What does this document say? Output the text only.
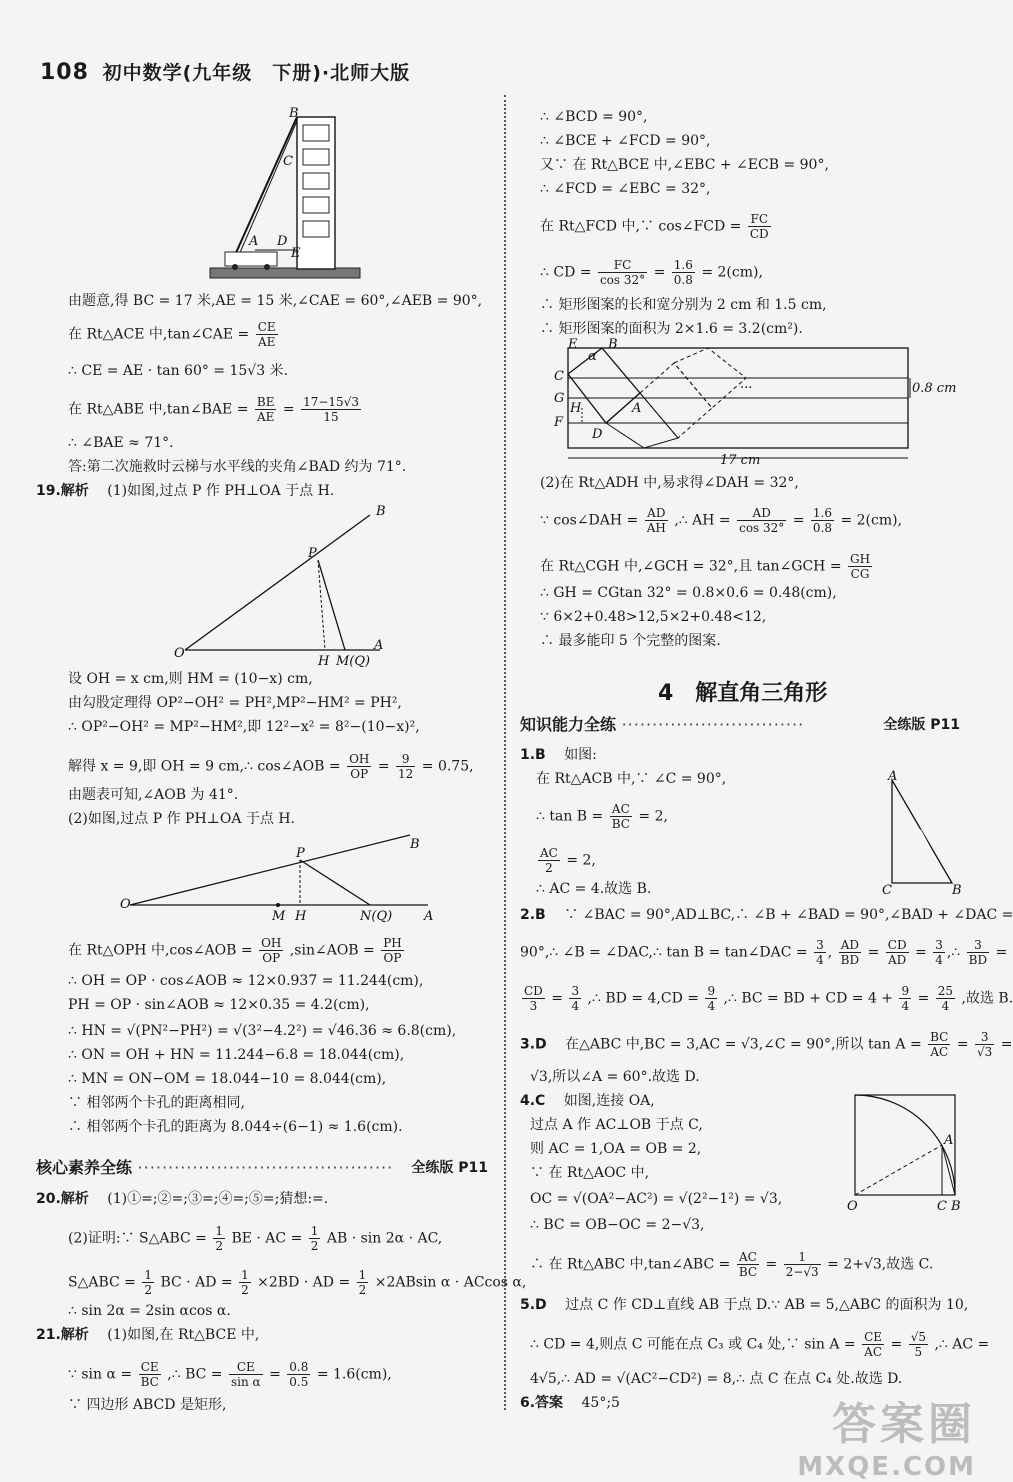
108 初中数学(九年级　下册)·北师大版
B
C
A D
E
由题意,得 BC = 17 米,AE = 15 米,∠CAE = 60°,∠AEB = 90°,
在 Rt△ACE 中,tan∠CAE = $\frac{CE}{AE}$
∴ CE = AE · tan 60° = 15√3 米.
在 Rt△ABE 中,tan∠BAE = $\frac{BE}{AE} = \frac{17-15√3}{15}$
∴ ∠BAE ≈ 71°.
答:第二次施救时云梯与水平线的夹角∠BAD 约为 71°.
19.解析　 (1)如图,过点 P 作 PH⊥OA 于点 H.
B
P
O
H M(Q)
A
设 OH = x cm,则 HM = (10−x) cm,
由勾股定理得 OP²−OH² = PH²,MP²−HM² = PH²,
∴ OP²−OH² = MP²−HM²,即 12²−x² = 8²−(10−x)²,
解得 x = 9,即 OH = 9 cm,∴ cos∠AOB = $\frac{OH}{OP} = \frac{9}{12} = 0.75$,
由题表可知,∠AOB 为 41°.
(2)如图,过点 P 作 PH⊥OA 于点 H.
B
P
O
M H	N(Q) A
在 Rt△OPH 中,cos∠AOB = $\frac{OH}{OP}$ ,sin∠AOB = $\frac{PH}{OP}$
∴ OH = OP · cos∠AOB ≈ 12×0.937 = 11.244(cm),
PH = OP · sin∠AOB ≈ 12×0.35 = 4.2(cm),
∴ HN = √(PN²−PH²) = √(3²−4.2²) = √46.36 ≈ 6.8(cm),
∴ ON = OH + HN = 11.244−6.8 = 18.044(cm),
∴ MN = ON−OM = 18.044−10 = 8.044(cm),
∵ 相邻两个卡孔的距离相同,
∴ 相邻两个卡孔的距离为 8.044÷(6−1) ≈ 1.6(cm).
核心素养全练 ·········································· 全练版 P11
20.解析　 (1)①=;②=;③=;④=;⑤=;猜想:=.
(2)证明:∵ S△ABC = $\frac{1}{2}$ BE · AC = $\frac{1}{2}$ AB · sin 2α · AC,
S△ABC = $\frac{1}{2}$ BC · AD = $\frac{1}{2} \times 2BD$ · AD = $\frac{1}{2} \times 2ABsin$ α · ACcos α,
∴ sin 2α = 2sin αcos α.
21.解析　 (1)如图,在 Rt△BCE 中,
∵ $\sin \alpha = \frac{CE}{BC}$ ,∴ BC = $\frac{CE}{\text{sin α}} = \frac{0.8}{0.5} = 1.6(cm)$,
∵ 四边形 ABCD 是矩形,
∴ ∠BCD = 90°,
∴ ∠BCE + ∠FCD = 90°,
又∵ 在 Rt△BCE 中,∠EBC + ∠ECB = 90°,
∴ ∠FCD = ∠EBC = 32°,
在 Rt△FCD 中,∵ cos∠FCD = $\frac{FC}{CD}$
∴ CD = $\frac{FC}{\cos 32^\circ} = \frac{1.6}{0.8} = 2(cm)$,
∴ 矩形图案的长和宽分别为 2 cm 和 1.5 cm,
∴ 矩形图案的面积为 2×1.6 = 3.2(cm²).
E
α
B
C
G
H	A
F
D
...	0.8 cm
17 cm
(2)在 Rt△ADH 中,易求得∠DAH = 32°,
∵ cos∠DAH = $\frac{AD}{AH}$ ,∴ AH = $\frac{AD}{\cos 32^\circ} = \frac{1.6}{0.8} = 2(cm)$,
在 Rt△CGH 中,∠GCH = 32°,且 tan∠GCH = $\frac{GH}{CG}$
∴ GH = CGtan 32° = 0.8×0.6 = 0.48(cm),
∵ 6×2+0.48>12,5×2+0.48<12,
∴ 最多能印 5 个完整的图案.
4　解直角三角形
知识能力全练 ······························	全练版 P11
1.B　 如图:
在 Rt△ACB 中,∵ ∠C = 90°,
∴ $\tan B = \frac{AC}{BC} = 2$,
$\frac{AC}{2} = 2$,
∴ AC = 4.故选 B.
A
C	B
2.B　 ∵ ∠BAC = 90°,AD⊥BC,∴ ∠B + ∠BAD = 90°,∠BAD + ∠DAC =
90°,∴ ∠B = ∠DAC,∴ tan B = tan∠DAC = $\frac{3}{4}$ , $\frac{AD}{BD} = \frac{CD}{AD} = \frac{3}{4}$ ,∴ $\frac{3}{BD}$ =
$\frac{CD}{3} = \frac{3}{4}$ ,∴ BD = $4,CD = \frac{9}{4}$ ,∴ BC = BD + CD = $4 + \frac{9}{4} = \frac{25}{4}$ ,故选 B.
3.D　 在△ABC 中,BC = 3,AC = √3,∠C = 90°,所以 $\tan A = \frac{BC}{AC} = \frac{3}{√3}$ =
√3,所以∠A = 60°.故选 D.
4.C　 如图,连接 OA,
过点 A 作 AC⊥OB 于点 C,
则 AC = 1,OA = OB = 2,
∵ 在 Rt△AOC 中,
OC = √(OA²−AC²) = √(2²−1²) = √3,
∴ BC = OB−OC = 2−√3,
∴ 在 Rt△ABC 中,tan∠ABC = $\frac{AC}{BC} = \frac{1}{2-√3} = 2+√3$,故选 C.
A
O	C B
5.D　 过点 C 作 CD⊥直线 AB 于点 D.∵ AB = 5,△ABC 的面积为 10,
∴ CD = 4,则点 C 可能在点 C₃ 或 C₄ 处,∵ $\sin A = \frac{CE}{AC} = \frac{√5}{5}$ ,∴ AC =
4√5,∴ AD = √(AC²−CD²) = 8,∴ 点 C 在点 C₄ 处.故选 D.
6.答案　 45°;5	答案圈
MXQE.COM
